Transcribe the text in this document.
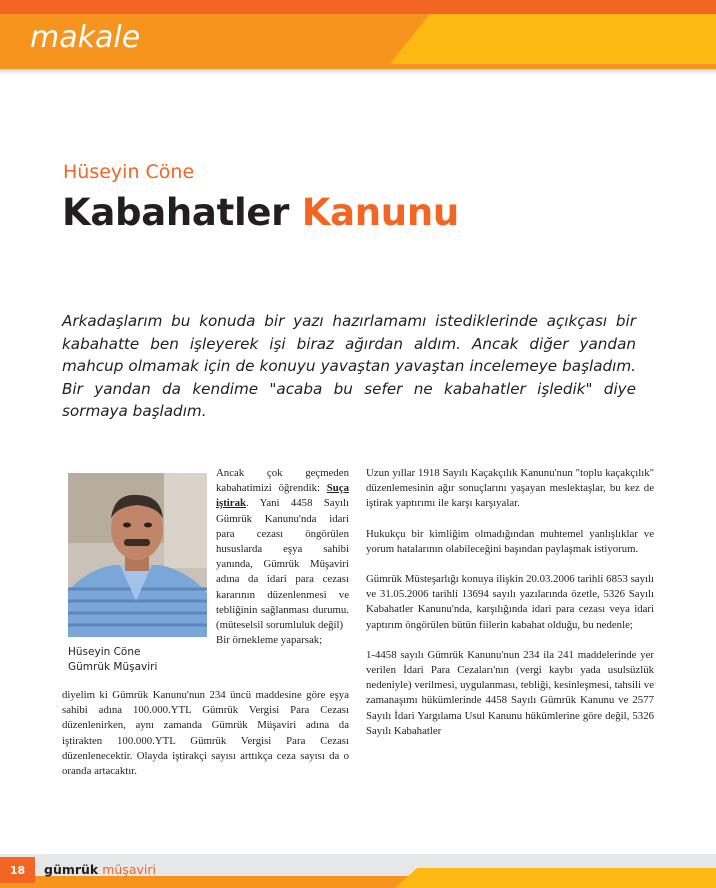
makale
Hüseyin Cöne
Kabahatler Kanunu

Arkadaşlarım bu konuda bir yazı hazırlamamı istediklerinde açıkçası bir kabahatte ben işleyerek işi biraz ağırdan aldım. Ancak diğer yandan mahcup olmamak için de konuyu yavaştan yavaştan incelemeye başladım. Bir yandan da kendime "acaba bu sefer ne kabahatler işledik" diye sormaya başladım.

Hüseyin Cöne
Gümrük Müşaviri
Ancak çok geçmeden kabahatimizi öğrendik: Suça iştirak. Yani 4458 Sayılı Gümrük Kanunu'nda idari para cezası öngörülen hususlarda eşya sahibi yanında, Gümrük Müşaviri adına da idari para cezası kararının düzenlenmesi ve tebliğinin sağlanması durumu.(müteselsil sorumluluk değil)
Bir örnekleme yaparsak;

diyelim ki Gümrük Kanunu'nun 234 üncü maddesine göre eşya sahibi adına 100.000.YTL Gümrük Vergisi Para Cezası düzenlenirken, aynı zamanda Gümrük Müşaviri adına da iştirakten 100.000.YTL Gümrük Vergisi Para Cezası düzenlenecektir. Olayda iştirakçi sayısı arttıkça ceza sayısı da o oranda artacaktır.

Uzun yıllar 1918 Sayılı Kaçakçılık Kanunu'nun "toplu kaçakçılık" düzenlemesinin ağır sonuçlarını yaşayan meslektaşlar, bu kez de iştirak yaptırımı ile karşı karşıyalar.

Hukukçu bir kimliğim olmadığından muhtemel yanlışlıklar ve yorum hatalarının olabileceğini başından paylaşmak istiyorum.

Gümrük Müsteşarlığı konuya ilişkin 20.03.2006 tarihli 6853 sayılı ve 31.05.2006 tarihli 13694 sayılı yazılarında özetle, 5326 Sayılı Kabahatler Kanunu'nda, karşılığında idari para cezası veya idari yaptırım öngörülen bütün fiilerin kabahat olduğu, bu nedenle;

1-4458 sayılı Gümrük Kanunu'nun 234 ila 241 maddelerinde yer verilen İdari Para Cezaları'nın (vergi kaybı yada usulsüzlük nedeniyle) verilmesi, uygulanması, tebliği, kesinleşmesi, tahsili ve zamanaşımı hükümlerinde 4458 Sayılı Gümrük Kanunu ve 2577 Sayılı İdari Yargılama Usul Kanunu hükümlerine göre değil, 5326 Sayılı Kabahatler

18	gümrük müşaviri
